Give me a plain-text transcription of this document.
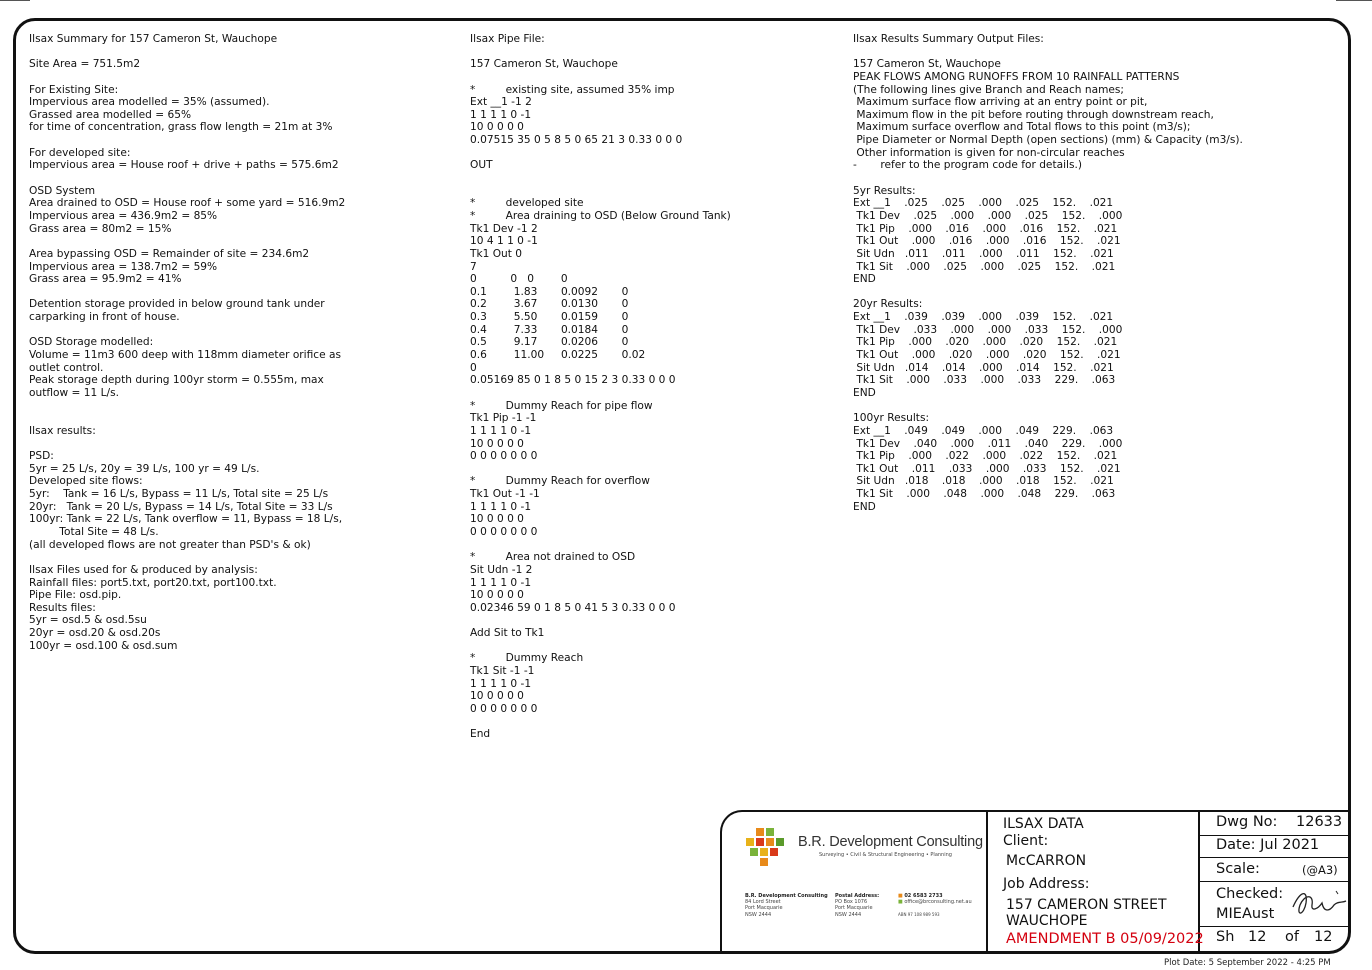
Ilsax Summary for 157 Cameron St, Wauchope
Site Area = 751.5m2
For Existing Site:
Impervious area modelled = 35% (assumed).
Grassed area modelled = 65%
for time of concentration, grass flow length = 21m at 3%
For developed site:
Impervious area = House roof + drive + paths = 575.6m2
OSD System
Area drained to OSD = House roof + some yard = 516.9m2
Impervious area = 436.9m2 = 85%
Grass area = 80m2 = 15%
Area bypassing OSD = Remainder of site = 234.6m2
Impervious area = 138.7m2 = 59%
Grass area = 95.9m2 = 41%
Detention storage provided in below ground tank under
carparking in front of house.
OSD Storage modelled:
Volume = 11m3 600 deep with 118mm diameter orifice as
outlet control.
Peak storage depth during 100yr storm = 0.555m, max
outflow = 11 L/s.
Ilsax results:
PSD:
5yr = 25 L/s, 20y = 39 L/s, 100 yr = 49 L/s.
Developed site flows:
5yr:    Tank = 16 L/s, Bypass = 11 L/s, Total site = 25 L/s
20yr:   Tank = 20 L/s, Bypass = 14 L/s, Total Site = 33 L/s
100yr: Tank = 22 L/s, Tank overflow = 11, Bypass = 18 L/s,
Total Site = 48 L/s.
(all developed flows are not greater than PSD's & ok)
Ilsax Files used for & produced by analysis:
Rainfall files: port5.txt, port20.txt, port100.txt.
Pipe File: osd.pip.
Results files:
5yr = osd.5 & osd.5su
20yr = osd.20 & osd.20s
100yr = osd.100 & osd.sum
Ilsax Pipe File:
157 Cameron St, Wauchope
*         existing site, assumed 35% imp
Ext __1 -1 2
1 1 1 1 0 -1
10 0 0 0 0
0.07515 35 0 5 8 5 0 65 21 3 0.33 0 0 0
OUT
*         developed site
*         Area draining to OSD (Below Ground Tank)
Tk1 Dev -1 2
10 4 1 1 0 -1
Tk1 Out 0
7
0          0   0        0
0.1        1.83       0.0092       0
0.2        3.67       0.0130       0
0.3        5.50       0.0159       0
0.4        7.33       0.0184       0
0.5        9.17       0.0206       0
0.6        11.00     0.0225       0.02
0
0.05169 85 0 1 8 5 0 15 2 3 0.33 0 0 0
*         Dummy Reach for pipe flow
Tk1 Pip -1 -1
1 1 1 1 0 -1
10 0 0 0 0
0 0 0 0 0 0 0
*         Dummy Reach for overflow
Tk1 Out -1 -1
1 1 1 1 0 -1
10 0 0 0 0
0 0 0 0 0 0 0
*         Area not drained to OSD
Sit Udn -1 2
1 1 1 1 0 -1
10 0 0 0 0
0.02346 59 0 1 8 5 0 41 5 3 0.33 0 0 0
Add Sit to Tk1
*         Dummy Reach
Tk1 Sit -1 -1
1 1 1 1 0 -1
10 0 0 0 0
0 0 0 0 0 0 0
End
Ilsax Results Summary Output Files:
157 Cameron St, Wauchope
PEAK FLOWS AMONG RUNOFFS FROM 10 RAINFALL PATTERNS
(The following lines give Branch and Reach names;
Maximum surface flow arriving at an entry point or pit,
Maximum flow in the pit before routing through downstream reach,
Maximum surface overflow and Total flows to this point (m3/s);
Pipe Diameter or Normal Depth (open sections) (mm) & Capacity (m3/s).
Other information is given for non-circular reaches
-       refer to the program code for details.)
5yr Results:
Ext __1    .025    .025    .000    .025    152.    .021
Tk1 Dev    .025    .000    .000    .025    152.    .000
Tk1 Pip    .000    .016    .000    .016    152.    .021
Tk1 Out    .000    .016    .000    .016    152.    .021
Sit Udn   .011    .011    .000    .011    152.    .021
Tk1 Sit    .000    .025    .000    .025    152.    .021
END
20yr Results:
Ext __1    .039    .039    .000    .039    152.    .021
Tk1 Dev    .033    .000    .000    .033    152.    .000
Tk1 Pip    .000    .020    .000    .020    152.    .021
Tk1 Out    .000    .020    .000    .020    152.    .021
Sit Udn   .014    .014    .000    .014    152.    .021
Tk1 Sit    .000    .033    .000    .033    229.    .063
END
100yr Results:
Ext __1    .049    .049    .000    .049    229.    .063
Tk1 Dev    .040    .000    .011    .040    229.    .000
Tk1 Pip    .000    .022    .000    .022    152.    .021
Tk1 Out    .011    .033    .000    .033    152.    .021
Sit Udn   .018    .018    .000    .018    152.    .021
Tk1 Sit    .000    .048    .000    .048    229.    .063
END
B.R. Development Consulting
Surveying • Civil & Structural Engineering • Planning
B.R. Development Consulting
84 Lord Street
Port Macquarie
NSW 2444
Postal Address:
PO Box 1076
Port Macquarie
NSW 2444
■ 02 6583 2733
■ office@brconsulting.net.au

ABN 97 108 989 593
ILSAX DATA
Client:
McCARRON
Job Address:
157 CAMERON STREET
WAUCHOPE
AMENDMENT B 05/09/2022
Dwg No: 12633
Date: Jul 2021
Scale:	(@A3)
Checked:
MIEAust
Sh 12 of 12
Plot Date: 5 September 2022 - 4:25 PM
